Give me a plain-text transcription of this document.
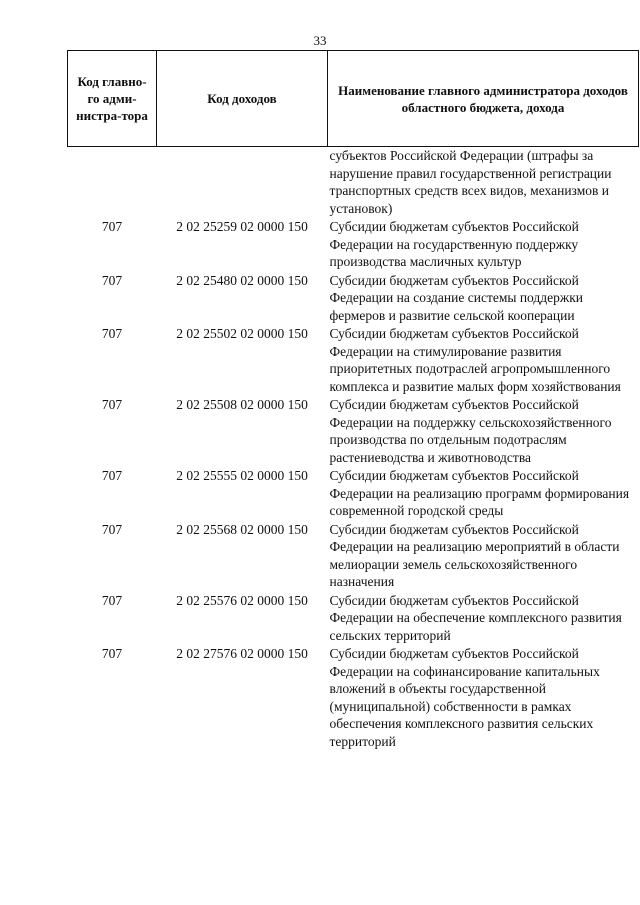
33
Код главно-го адми-нистра-тора	Код доходов	Наименование главного администратора доходов областного бюджета, дохода
		субъектов Российской Федерации (штрафы за нарушение правил государственной регистрации транспортных средств всех видов, механизмов и установок)
707	2 02 25259 02 0000 150	Субсидии бюджетам субъектов Российской Федерации на государственную поддержку производства масличных культур
707	2 02 25480 02 0000 150	Субсидии бюджетам субъектов Российской Федерации на создание системы поддержки фермеров и развитие сельской кооперации
707	2 02 25502 02 0000 150	Субсидии бюджетам субъектов Российской Федерации на стимулирование развития приоритетных подотраслей агропромышленного комплекса и развитие малых форм хозяйствования
707	2 02 25508 02 0000 150	Субсидии бюджетам субъектов Российской Федерации на поддержку сельскохозяйственного производства по отдельным подотраслям растениеводства и животноводства
707	2 02 25555 02 0000 150	Субсидии бюджетам субъектов Российской Федерации на реализацию программ формирования современной городской среды
707	2 02 25568 02 0000 150	Субсидии бюджетам субъектов Российской Федерации на реализацию мероприятий в области мелиорации земель сельскохозяйственного назначения
707	2 02 25576 02 0000 150	Субсидии бюджетам субъектов Российской Федерации на обеспечение комплексного развития сельских территорий
707	2 02 27576 02 0000 150	Субсидии бюджетам субъектов Российской Федерации на софинансирование капитальных вложений в объекты государственной (муниципальной) собственности в рамках обеспечения комплексного развития сельских территорий
